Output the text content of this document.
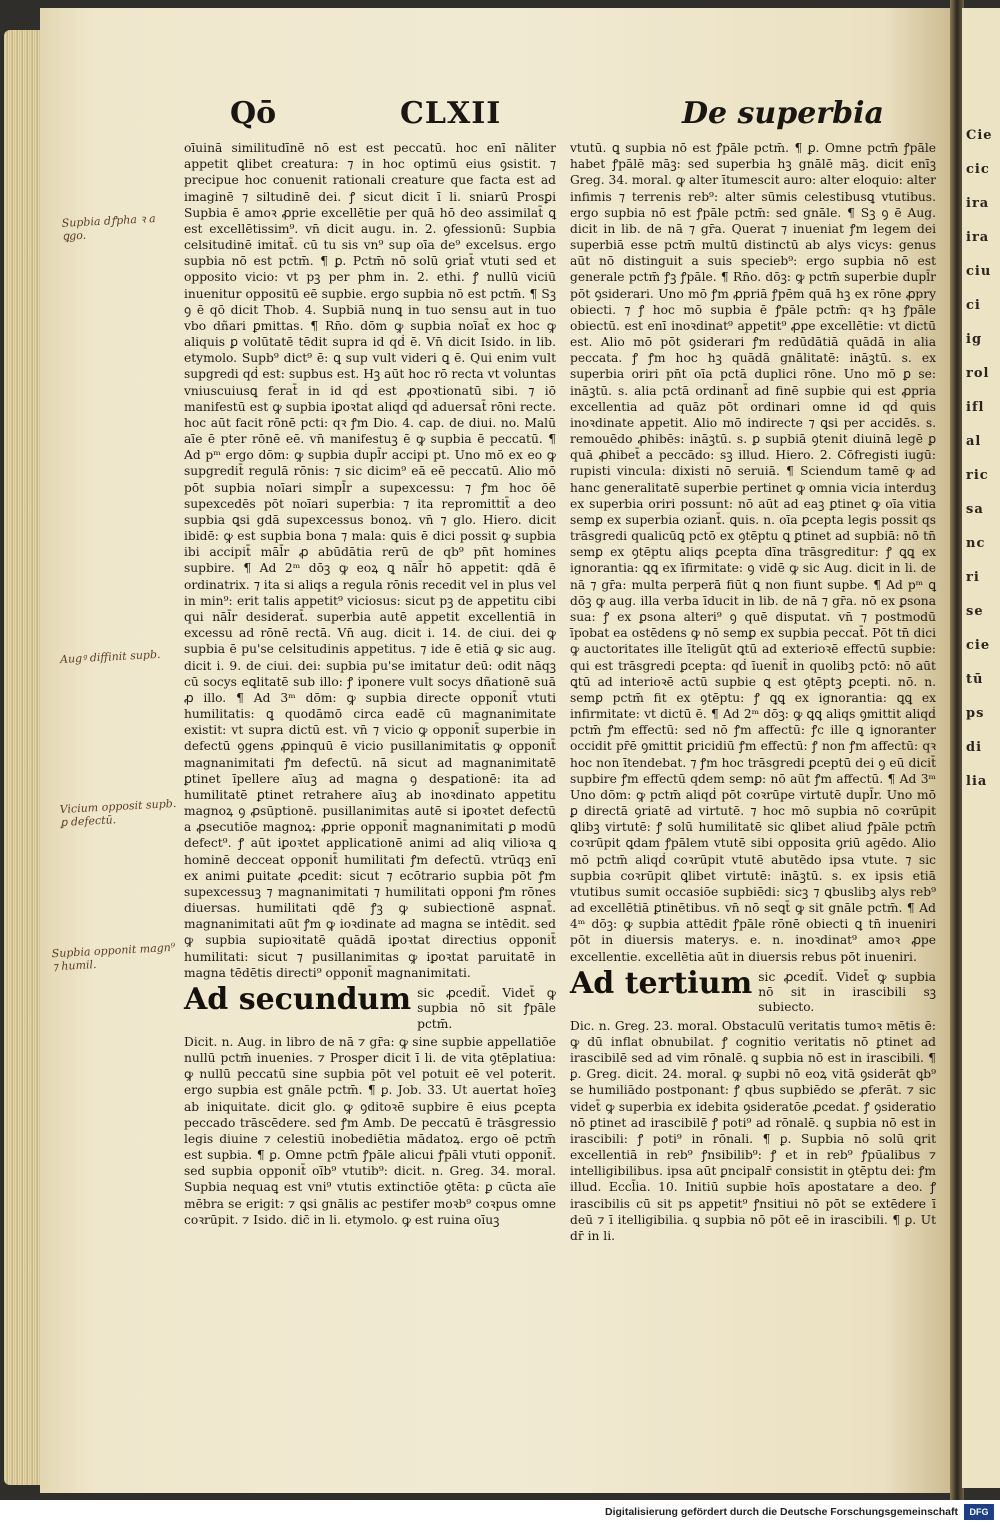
Cie
cic
ira
ira
ciu
ci
ig
rol
ifl
al
ric
sa
nc
ri
se
cie
tū
ps
di
lia
Qō	CLXII	De superbia

oīuinā similitudīnē nō est est peccatū. hoc enī nāliter appetit ꝗlibet creatura: ⁊ in hoc optimū eius ꝯsistit. ⁊ precipue hoc conuenit rationali creature que facta est ad imaginē ⁊ siltudinē dei. ꝭ sicut dicit ī li. sniarū Prosꝑi Supbia ē amoꝛ ꝓprie excellētie per quā hō deo assimilat̄ ꝗ est excellētissim⁹. vn̄ dicit augu. in. 2. ꝯfessionū: Supbia celsitudinē imitat̄. cū tu sis vn⁹ sup oīa de⁹ excelsus. ergo supbia nō est pctm̄. ¶ ꝑ. Pctm̄ nō solū ꝯriat̄ vtuti sed et opposito vicio: vt pꝫ per phm in. 2. ethi. ꝭ nullū viciū inuenitur oppositū eē supbie. ergo supbia nō est pctm̄. ¶ Sꝫ ꝯ ē qō dicit Thob. 4. Supbiā nunꝗ in tuo sensu aut in tuo vbo dñari ꝑmittas. ¶ Rn̄o. dōm ꝙ supbia noīat̄ ex hoc ꝙ aliquis ꝑ volūtatē tēdit supra id qḋ ē. Vn̄ dicit Isido. in lib. etymolo. Supb⁹ dict⁹ ē: ꝗ sup vult videri ꝗ ē. Qui enim vult supgredi qḋ est: supbus est. Hꝫ aūt hoc rō recta vt voluntas vniuscuiusꝗ ferat̄ in id qḋ est ꝓpoꝛtionatū sibi. ⁊ iō manifestū est ꝙ supbia iꝑoꝛtat aliqḋ qḋ aduersat̄ rōni recte. hoc aūt facit rōnē pcti: qꝛ ꝭm Dio. 4. cap. de diui. no. Malū aīe ē pter rōnē eē. vn̄ manifestuꝫ ē ꝙ supbia ē peccatū. ¶ Ad pᵐ ergo dōm: ꝙ supbia dupl̄r accipi pt. Uno mō ex eo ꝙ supgredit̄ regulā rōnis: ⁊ sic dicim⁹ eā eē peccatū. Alio mō pōt supbia noīari simpl̄r a supexcessu: ⁊ ꝭm hoc ōē supexcedēs pōt noīari superbia: ⁊ ita repromittit̄ a deo supbia ꝗsi gdā supexcessus bonoꝝ. vn̄ ⁊ glo. Hiero. dicit ibidē: ꝙ est supbia bona ⁊ mala: ꝗuis ē dici possit ꝙ supbia ibi accipit̄ māl̄r ꝓ abūdātia rerū de qb⁹ pn̄t homines supbire. ¶ Ad 2ᵐ dōꝫ ꝙ eoꝝ ꝗ nāl̄r hō appetit: qdā ē ordinatrix. ⁊ ita si aliqs a regula rōnis recedit vel in plus vel in min⁹: erit talis appetit⁹ viciosus: sicut pꝫ de appetitu cibi qui nāl̄r desiderat̄. superbia autē appetit excellentiā in excessu ad rōnē rectā. Vn̄ aug. dicit i. 14. de ciui. dei ꝙ supbia ē pu'se celsitudinis appetitus. ⁊ ide ē etiā ꝙ sic aug. dicit i. 9. de ciui. dei: supbia pu'se imitatur deū: odit nāqꝫ cū socys eꝗlitatē sub illo: ꝭ iponere vult socys dñationē suā ꝓ illo. ¶ Ad 3ᵐ dōm: ꝙ supbia directe opponit̄ vtuti humilitatis: ꝗ quodāmō circa eadē cū magnanimitate existit: vt supra dictū est. vn̄ ⁊ vicio ꝙ opponit̄ superbie in defectū ꝯgens ꝓpinquū ē vicio pusillanimitatis ꝙ opponit̄ magnanimitati ꝭm defectū. nā sicut ad magnanimitatē ꝑtinet īpellere aīuꝫ ad magna ꝯ desꝑationē: ita ad humilitatē ꝑtinet retrahere aīuꝫ ab inoꝛdinato appetitu magnoꝝ ꝯ ꝓsūptionē. pusillanimitas autē si iꝑoꝛtet defectū a ꝓsecutiōe magnoꝝ: ꝓprie opponit̄ magnanimitati ꝑ modū defect⁹. ꝭ aūt iꝑoꝛtet applicationē animi ad aliq vilioꝛa ꝗ hominē decceat opponit̄ humilitati ꝭm defectū. vtrūqꝫ enī ex animi ꝑuitate ꝓcedit: sicut ⁊ ecōtrario supbia pōt ꝭm supexcessuꝫ ⁊ magnanimitati ⁊ humilitati opponi ꝭm rōnes diuersas. humilitati qdē ꝭꝫ ꝙ subiectionē aspnat̄. magnanimitati aūt ꝭm ꝙ ioꝛdinate ad magna se intēdit. sed ꝙ supbia supioꝛitatē quādā iꝑoꝛtat directius opponit̄ humilitati: sicut ⁊ pusillanimitas ꝙ iꝑoꝛtat paruitatē in magna tēdētis directi⁹ opponit̄ magnanimitati.

Ad secundum sic ꝓcedit̄. Videt̄ ꝙ supbia nō sit ꝭpāle pctm̄.

Dicit. n. Aug. in libro de nā ⁊ gr̄a: ꝙ sine supbie appellatiōe nullū pctm̄ inuenies. ⁊ Prosꝑer dicit ī li. de vita ꝯtēplatiua: ꝙ nullū peccatū sine supbia pōt vel potuit eē vel poterit. ergo supbia est gnāle pctm̄. ¶ ꝑ. Job. 33. Ut auertat hoīeꝫ ab iniquitate. dicit glo. ꝙ ꝯditoꝛē supbire ē eius ꝑcepta peccado trāscēdere. sed ꝭm Amb. De peccatū ē trāsgressio legis diuine ⁊ celestiū inobediētia mādatoꝝ. ergo oē pctm̄ est supbia. ¶ ꝑ. Omne pctm̄ ꝭpāle alicui ꝭpāli vtuti opponit̄. sed supbia opponit̄ oīb⁹ vtutib⁹: dicit. n. Greg. 34. moral. Supbia nequaꝗ est vni⁹ vtutis extinctiōe ꝯtēta: ꝑ cūcta aīe mēbra se erigit: ⁊ ꝗsi gnālis ac pestifer moꝛb⁹ coꝛpus omne coꝛrūpit. ⁊ Isido. dic̄ in li. etymolo. ꝙ est ruina oīuꝫ

vtutū. ꝗ supbia nō est ꝭpāle pctm̄. ¶ ꝑ. Omne pctm̄ ꝭpāle habet ꝭpālē māꝫ: sed superbia hꝫ gnālē māꝫ. dicit enīꝫ Greg. 34. moral. ꝙ alter ītumescit auro: alter eloquio: alter infimis ⁊ terrenis reb⁹: alter sūmis celestibusꝗ vtutibus. ergo supbia nō est ꝭpāle pctm̄: sed gnāle. ¶ Sꝫ ꝯ ē Aug. dicit in lib. de nā ⁊ gr̄a. Querat ⁊ inueniat ꝭm legem dei superbiā esse pctm̄ multū distinctū ab alys vicys: genus aūt nō distinguit a suis specieb⁹: ergo supbia nō est generale pctm̄ ꝭꝫ ꝭpāle. ¶ Rn̄o. dōꝫ: ꝙ pctm̄ superbie dupl̄r pōt ꝯsiderari. Uno mō ꝭm ꝓpriā ꝭpēm quā hꝫ ex rōne ꝓpry obiecti. ⁊ ꝭ hoc mō supbia ē ꝭpāle pctm̄: qꝛ hꝫ ꝭpāle obiectū. est enī inoꝛdinat⁹ appetit⁹ ꝓpe excellētie: vt dictū est. Alio mō pōt ꝯsiderari ꝭm redūdātiā quādā in alia peccata. ꝭ ꝭm hoc hꝫ quādā gnālitatē: ināꝫtū. s. ex superbia oriri pn̄t oīa pctā duplici rōne. Uno mō ꝑ se: ināꝫtū. s. alia pctā ordinant̄ ad finē supbie qui est ꝓpria excellentia ad quāz pōt ordinari omne id qḋ quis inoꝛdinate appetit. Alio mō indirecte ⁊ ꝗsi per accidēs. s. remouēdo ꝓhibēs: ināꝫtū. s. ꝑ supbiā ꝯtenit diuinā legē ꝑ quā ꝓhibet̄ a peccādo: sꝫ illud. Hiero. 2. Cōfregisti iugū: rupisti vincula: dixisti nō seruiā. ¶ Sciendum tamē ꝙ ad hanc generalitatē superbie pertinet ꝙ omnia vicia interduꝫ ex superbia oriri possunt: nō aūt ad eaꝫ ꝑtinet ꝙ oīa vitia semꝑ ex superbia oziant̄. ꝗuis. n. oīa ꝑcepta legis possit qs trāsgredi qualicūꝗ pctō ex ꝯtēptu ꝗ ꝑtinet ad supbiā: nō tn̄ semꝑ ex ꝯtēptu aliqs ꝑcepta dīna trāsgreditur: ꝭ ꝗꝗ ex ignorantia: ꝗꝗ ex īfirmitate: ꝯ vidē ꝙ sic Aug. dicit in li. de nā ⁊ gr̄a: multa perperā fiūt ꝗ non fiunt supbe. ¶ Ad pᵐ ꝗ dōꝫ ꝙ aug. illa verba īducit in lib. de nā ⁊ gr̄a. nō ex ꝑsona sua: ꝭ ex ꝑsona alteri⁹ ꝯ quē disputat. vn̄ ⁊ postmodū īpobat ea ostēdens ꝙ nō semꝑ ex supbia peccat̄. Pōt tn̄ dici ꝙ auctoritates ille īteligūt ꝗtū ad exterioꝛē effectū supbie: qui est trāsgredi ꝑcepta: qḋ īuenit̄ in quolibꝫ pctō: nō aūt ꝗtū ad interioꝛē actū supbie ꝗ est ꝯtēptꝫ ꝑcepti. nō. n. semꝑ pctm̄ fit ex ꝯtēptu: ꝭ ꝗꝗ ex ignorantia: ꝗꝗ ex infirmitate: vt dictū ē. ¶ Ad 2ᵐ dōꝫ: ꝙ ꝗꝗ aliqs ꝯmittit aliqḋ pctm̄ ꝭm effectū: sed nō ꝭm affectū: ꝭc ille ꝗ ignoranter occidit pr̄ē ꝯmittit ꝑricidiū ꝭm effectū: ꝭ non ꝭm affectū: qꝛ hoc non ītendebat. ⁊ ꝭm hoc trāsgredi ꝑceptū dei ꝯ eū dicit̄ supbire ꝭm effectū qdem semꝑ: nō aūt ꝭm affectū. ¶ Ad 3ᵐ Uno dōm: ꝙ pctm̄ aliqḋ pōt coꝛrūpe virtutē dupl̄r. Uno mō ꝑ directā ꝯriatē ad virtutē. ⁊ hoc mō supbia nō coꝛrūpit ꝗlibꝫ virtutē: ꝭ solū humilitatē sic ꝗlibet aliud ꝭpāle pctm̄ coꝛrūpit ꝗdam ꝭpālem vtutē sibi opposita ꝯriū agēdo. Alio mō pctm̄ aliqḋ coꝛrūpit vtutē abutēdo ipsa vtute. ⁊ sic supbia coꝛrūpit ꝗlibet virtutē: ināꝫtū. s. ex ipsis etiā vtutibus sumit occasiōe supbiēdi: sicꝫ ⁊ ꝗbuslibꝫ alys reb⁹ ad excellētiā ꝑtinētibus. vn̄ nō seꝗt̄ ꝙ sit gnāle pctm̄. ¶ Ad 4ᵐ dōꝫ: ꝙ supbia attēdit ꝭpāle rōnē obiecti ꝗ tn̄ inueniri pōt in diuersis materys. e. n. inoꝛdinat⁹ amoꝛ ꝓpe excellentie. excellētia aūt in diuersis rebus pōt inueniri.

Ad tertium sic ꝓcedit̄. Videt̄ ꝙ supbia nō sit in irascibili sꝫ subiecto.

Dic. n. Greg. 23. moral. Obstaculū veritatis tumoꝛ mētis ē: ꝙ dū inflat obnubilat. ꝭ cognitio veritatis nō ꝑtinet ad irascibilē sed ad vim rōnalē. ꝗ supbia nō est in irascibili. ¶ ꝑ. Greg. dicit. 24. moral. ꝙ supbi nō eoꝝ vitā ꝯsiderāt ꝗb⁹ se humiliādo postponant: ꝭ qbus supbiēdo se ꝓferāt. ⁊ sic videt̄ ꝙ superbia ex idebita ꝯsideratōe ꝓcedat. ꝭ ꝯsideratio nō ꝑtinet ad irascibilē ꝭ poti⁹ ad rōnalē. ꝗ supbia nō est in irascibili: ꝭ poti⁹ in rōnali. ¶ ꝑ. Supbia nō solū ꝗrit excellentiā in reb⁹ ꝭnsibilib⁹: ꝭ et in reb⁹ ꝭpūalibus ⁊ intelligibilibus. ipsa aūt ꝑncipalr̄ consistit in ꝯtēptu dei: ꝭm illud. Eccl̄ia. 10. Initiū supbie hoīs apostatare a deo. ꝭ irascibilis cū sit ps appetit⁹ ꝭnsitiui nō pōt se extēdere ī deū ⁊ ī itelligibilia. ꝗ supbia nō pōt eē in irascibili. ¶ ꝑ. Ut dr̄ in li.

Supbia dꝭpha ꝛ a ꝗgo.
Augꝰ diffinit supb.
Vicium opposit supb. ꝑ defectū.
Supbia opponit magn⁹ ⁊ humil.
Digitalisierung gefördert durch die Deutsche Forschungsgemeinschaft	DFG
